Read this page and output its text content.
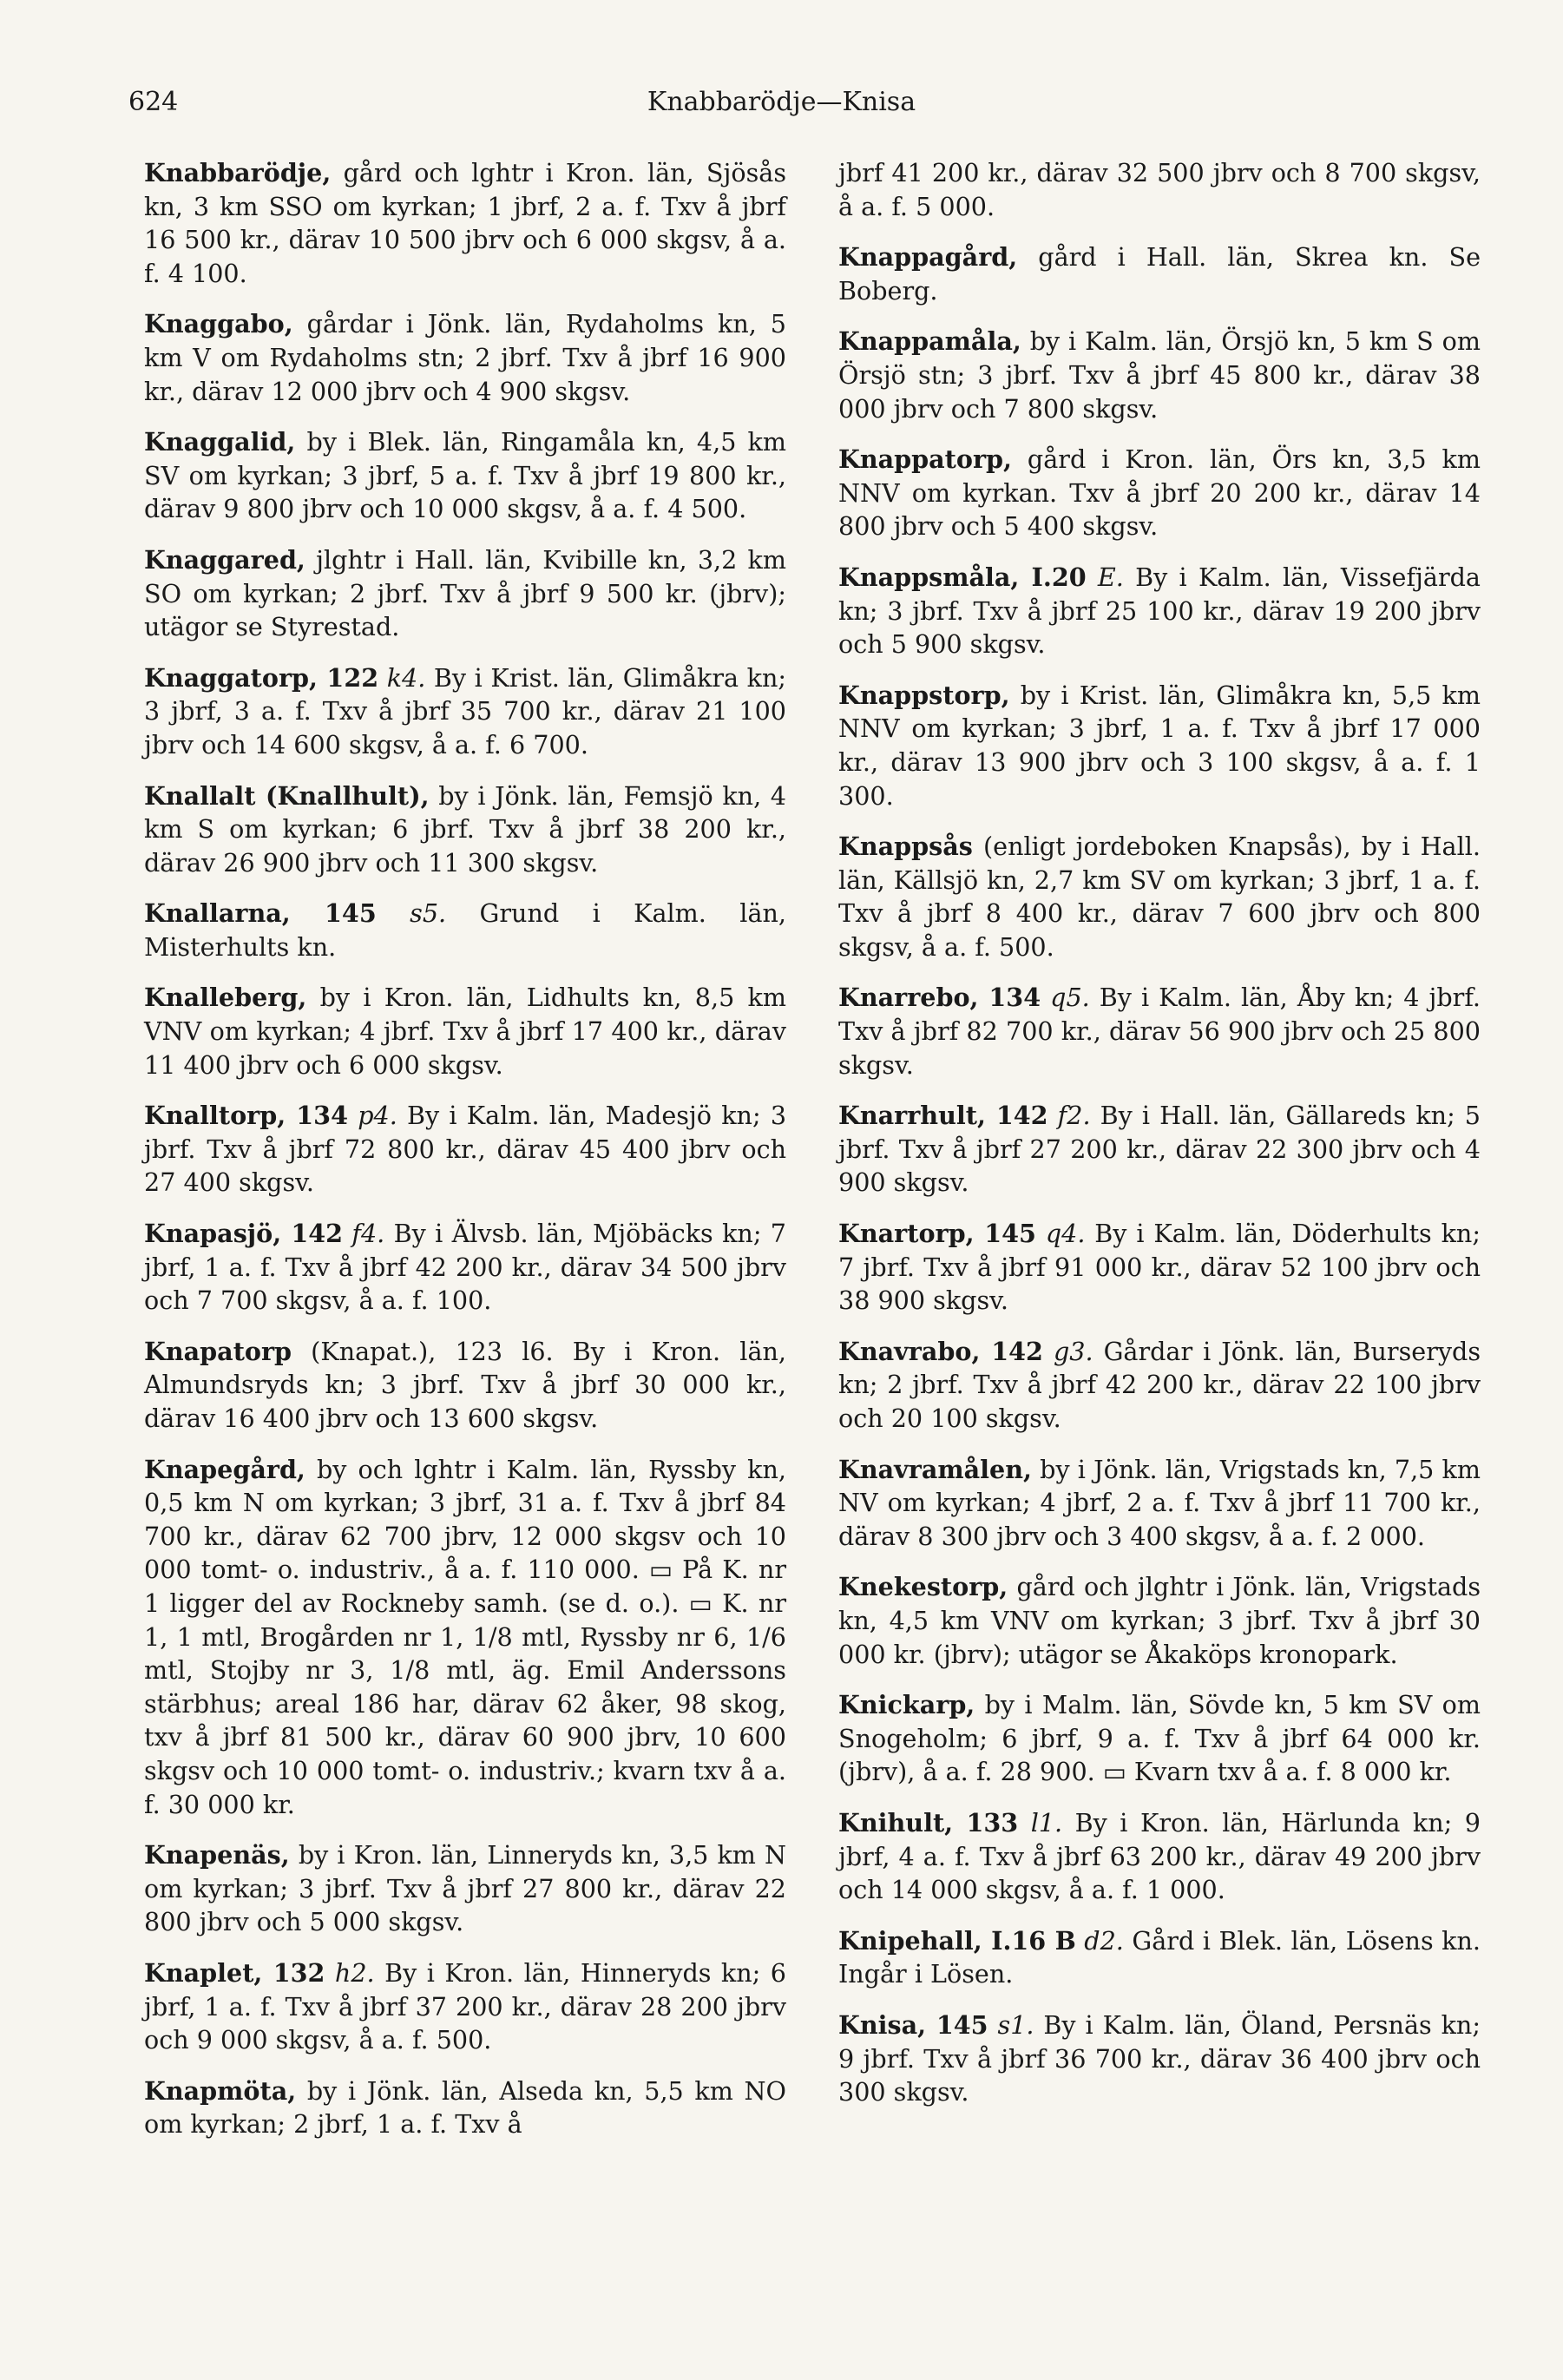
624	Knabbarödje—Knisa

Knabbarödje, gård och lghtr i Kron. län, Sjösås kn, 3 km SSO om kyrkan; 1 jbrf, 2 a. f. Txv å jbrf 16 500 kr., därav 10 500 jbrv och 6 000 skgsv, å a. f. 4 100.

Knaggabo, gårdar i Jönk. län, Rydaholms kn, 5 km V om Rydaholms stn; 2 jbrf. Txv å jbrf 16 900 kr., därav 12 000 jbrv och 4 900 skgsv.

Knaggalid, by i Blek. län, Ringamåla kn, 4,5 km SV om kyrkan; 3 jbrf, 5 a. f. Txv å jbrf 19 800 kr., därav 9 800 jbrv och 10 000 skgsv, å a. f. 4 500.

Knaggared, jlghtr i Hall. län, Kvibille kn, 3,2 km SO om kyrkan; 2 jbrf. Txv å jbrf 9 500 kr. (jbrv); utägor se Styrestad.

Knaggatorp, 122 k4. By i Krist. län, Glimåkra kn; 3 jbrf, 3 a. f. Txv å jbrf 35 700 kr., därav 21 100 jbrv och 14 600 skgsv, å a. f. 6 700.

Knallalt (Knallhult), by i Jönk. län, Femsjö kn, 4 km S om kyrkan; 6 jbrf. Txv å jbrf 38 200 kr., därav 26 900 jbrv och 11 300 skgsv.

Knallarna, 145 s5. Grund i Kalm. län, Misterhults kn.

Knalleberg, by i Kron. län, Lidhults kn, 8,5 km VNV om kyrkan; 4 jbrf. Txv å jbrf 17 400 kr., därav 11 400 jbrv och 6 000 skgsv.

Knalltorp, 134 p4. By i Kalm. län, Madesjö kn; 3 jbrf. Txv å jbrf 72 800 kr., därav 45 400 jbrv och 27 400 skgsv.

Knapasjö, 142 f4. By i Älvsb. län, Mjöbäcks kn; 7 jbrf, 1 a. f. Txv å jbrf 42 200 kr., därav 34 500 jbrv och 7 700 skgsv, å a. f. 100.

Knapatorp (Knapat.), 123 l6. By i Kron. län, Almundsryds kn; 3 jbrf. Txv å jbrf 30 000 kr., därav 16 400 jbrv och 13 600 skgsv.

Knapegård, by och lghtr i Kalm. län, Ryssby kn, 0,5 km N om kyrkan; 3 jbrf, 31 a. f. Txv å jbrf 84 700 kr., därav 62 700 jbrv, 12 000 skgsv och 10 000 tomt- o. industriv., å a. f. 110 000. ▭ På K. nr 1 ligger del av Rockneby samh. (se d. o.). ▭ K. nr 1, 1 mtl, Brogården nr 1, 1/8 mtl, Ryssby nr 6, 1/6 mtl, Stojby nr 3, 1/8 mtl, äg. Emil Anderssons stärbhus; areal 186 har, därav 62 åker, 98 skog, txv å jbrf 81 500 kr., därav 60 900 jbrv, 10 600 skgsv och 10 000 tomt- o. industriv.; kvarn txv å a. f. 30 000 kr.

Knapenäs, by i Kron. län, Linneryds kn, 3,5 km N om kyrkan; 3 jbrf. Txv å jbrf 27 800 kr., därav 22 800 jbrv och 5 000 skgsv.

Knaplet, 132 h2. By i Kron. län, Hinneryds kn; 6 jbrf, 1 a. f. Txv å jbrf 37 200 kr., därav 28 200 jbrv och 9 000 skgsv, å a. f. 500.

Knapmöta, by i Jönk. län, Alseda kn, 5,5 km NO om kyrkan; 2 jbrf, 1 a. f. Txv å

jbrf 41 200 kr., därav 32 500 jbrv och 8 700 skgsv, å a. f. 5 000.

Knappagård, gård i Hall. län, Skrea kn. Se Boberg.

Knappamåla, by i Kalm. län, Örsjö kn, 5 km S om Örsjö stn; 3 jbrf. Txv å jbrf 45 800 kr., därav 38 000 jbrv och 7 800 skgsv.

Knappatorp, gård i Kron. län, Örs kn, 3,5 km NNV om kyrkan. Txv å jbrf 20 200 kr., därav 14 800 jbrv och 5 400 skgsv.

Knappsmåla, I.20 E. By i Kalm. län, Vissefjärda kn; 3 jbrf. Txv å jbrf 25 100 kr., därav 19 200 jbrv och 5 900 skgsv.

Knappstorp, by i Krist. län, Glimåkra kn, 5,5 km NNV om kyrkan; 3 jbrf, 1 a. f. Txv å jbrf 17 000 kr., därav 13 900 jbrv och 3 100 skgsv, å a. f. 1 300.

Knappsås (enligt jordeboken Knapsås), by i Hall. län, Källsjö kn, 2,7 km SV om kyrkan; 3 jbrf, 1 a. f. Txv å jbrf 8 400 kr., därav 7 600 jbrv och 800 skgsv, å a. f. 500.

Knarrebo, 134 q5. By i Kalm. län, Åby kn; 4 jbrf. Txv å jbrf 82 700 kr., därav 56 900 jbrv och 25 800 skgsv.

Knarrhult, 142 f2. By i Hall. län, Gällareds kn; 5 jbrf. Txv å jbrf 27 200 kr., därav 22 300 jbrv och 4 900 skgsv.

Knartorp, 145 q4. By i Kalm. län, Döderhults kn; 7 jbrf. Txv å jbrf 91 000 kr., därav 52 100 jbrv och 38 900 skgsv.

Knavrabo, 142 g3. Gårdar i Jönk. län, Burseryds kn; 2 jbrf. Txv å jbrf 42 200 kr., därav 22 100 jbrv och 20 100 skgsv.

Knavramålen, by i Jönk. län, Vrigstads kn, 7,5 km NV om kyrkan; 4 jbrf, 2 a. f. Txv å jbrf 11 700 kr., därav 8 300 jbrv och 3 400 skgsv, å a. f. 2 000.

Knekestorp, gård och jlghtr i Jönk. län, Vrigstads kn, 4,5 km VNV om kyrkan; 3 jbrf. Txv å jbrf 30 000 kr. (jbrv); utägor se Åkaköps kronopark.

Knickarp, by i Malm. län, Sövde kn, 5 km SV om Snogeholm; 6 jbrf, 9 a. f. Txv å jbrf 64 000 kr. (jbrv), å a. f. 28 900. ▭ Kvarn txv å a. f. 8 000 kr.

Knihult, 133 l1. By i Kron. län, Härlunda kn; 9 jbrf, 4 a. f. Txv å jbrf 63 200 kr., därav 49 200 jbrv och 14 000 skgsv, å a. f. 1 000.

Knipehall, I.16 B d2. Gård i Blek. län, Lösens kn. Ingår i Lösen.

Knisa, 145 s1. By i Kalm. län, Öland, Persnäs kn; 9 jbrf. Txv å jbrf 36 700 kr., därav 36 400 jbrv och 300 skgsv.
